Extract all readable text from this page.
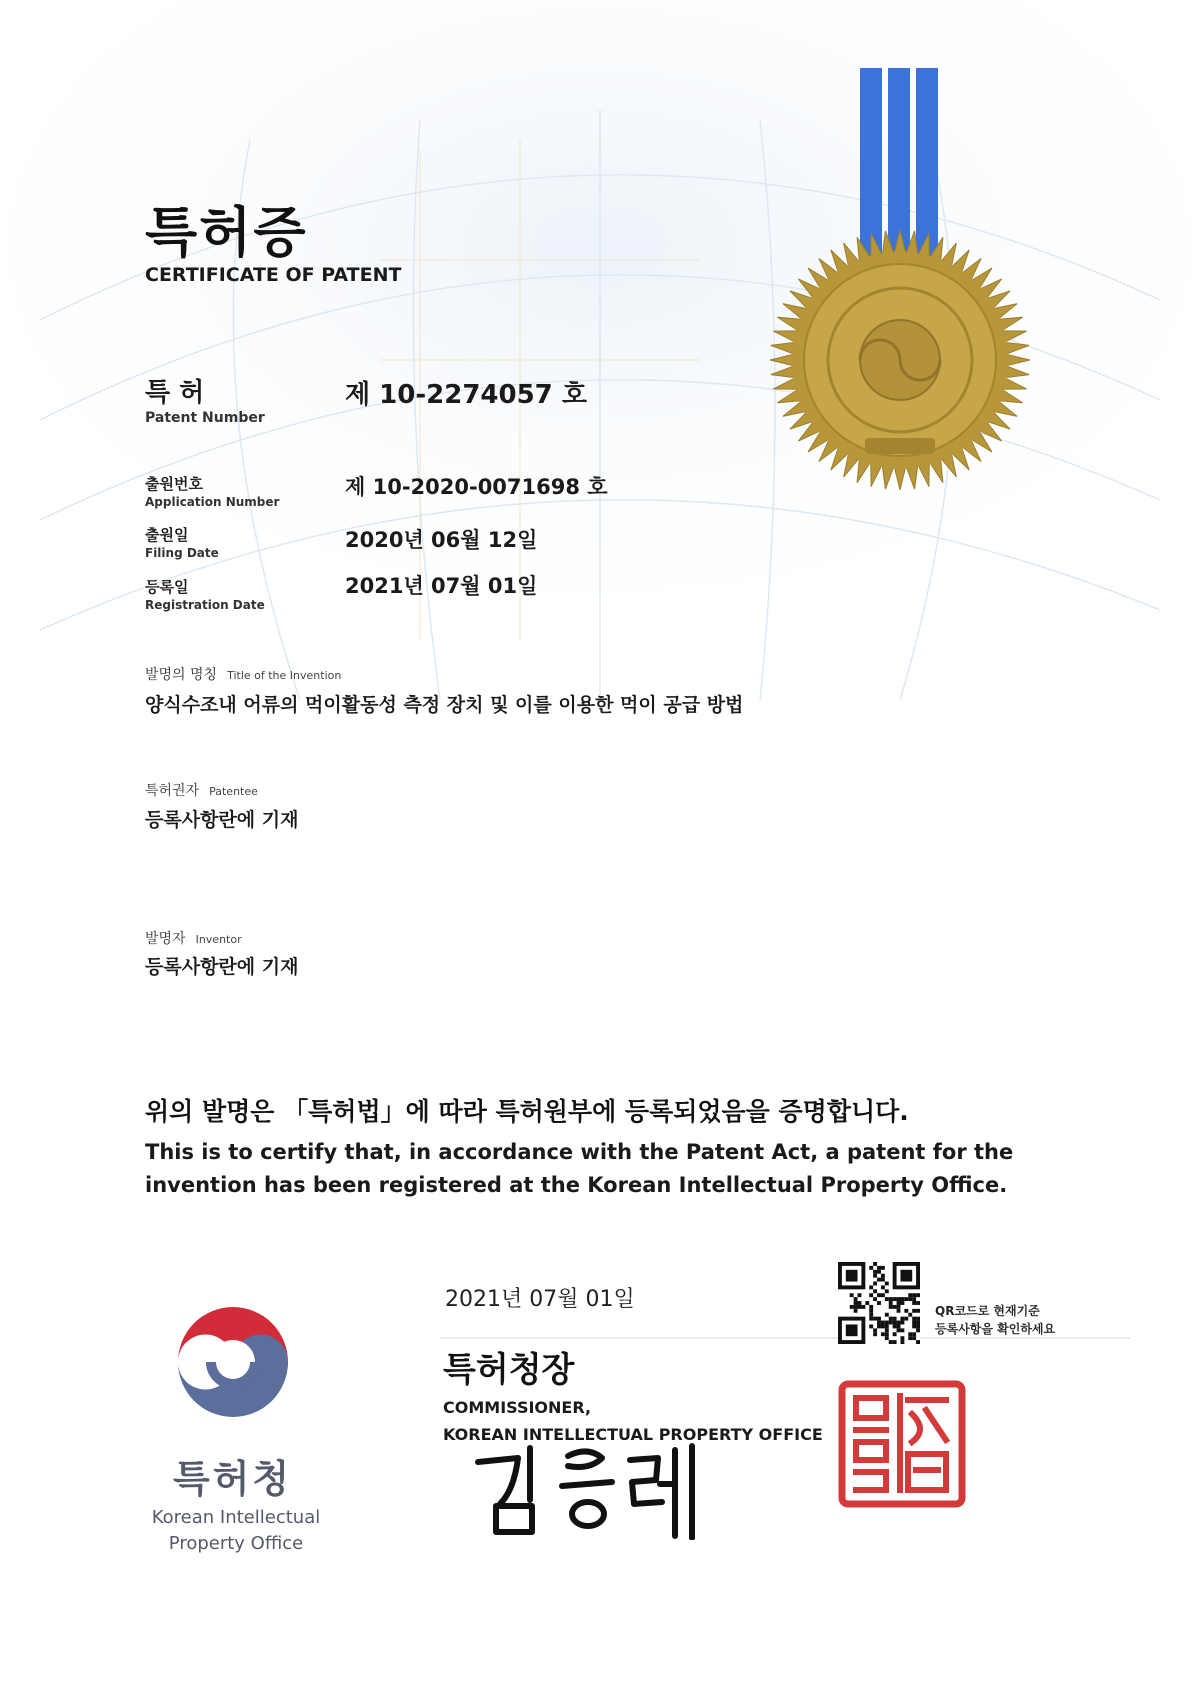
특허증
CERTIFICATE OF PATENT
특 허
Patent Number
제 10-2274057 호
출원번호
Application Number
제 10-2020-0071698 호
출원일
Filing Date
2020년 06월 12일
등록일
Registration Date
2021년 07월 01일
발명의 명칭 Title of the Invention
양식수조내 어류의 먹이활동성 측정 장치 및 이를 이용한 먹이 공급 방법
특허권자 Patentee
등록사항란에 기재
발명자 Inventor
등록사항란에 기재
위의 발명은 「특허법」에 따라 특허원부에 등록되었음을 증명합니다.
This is to certify that, in accordance with the Patent Act, a patent for the invention has been registered at the Korean Intellectual Property Office.
특허청
Korean Intellectual
Property Office
2021년 07월 01일
특허청장
COMMISSIONER,
KOREAN INTELLECTUAL PROPERTY OFFICE
QR코드로 현재기준
등록사항을 확인하세요
